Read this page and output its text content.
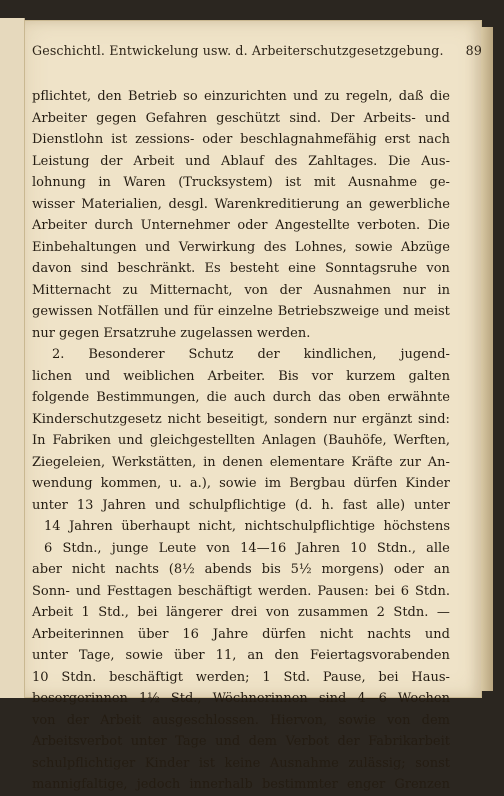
Geschichtl. Entwickelung usw. d. Arbeiterschutzgesetzgebung. 89
pflichtet, den Betrieb so einzurichten und zu regeln, daß die
Arbeiter gegen Gefahren geschützt sind. Der Arbeits- und
Dienstlohn ist zessions- oder beschlagnahmefähig erst nach
Leistung der Arbeit und Ablauf des Zahltages. Die Aus-
lohnung in Waren (Trucksystem) ist mit Ausnahme ge-
wisser Materialien, desgl. Warenkreditierung an gewerbliche
Arbeiter durch Unternehmer oder Angestellte verboten. Die
Einbehaltungen und Verwirkung des Lohnes, sowie Abzüge
davon sind beschränkt. Es besteht eine Sonntagsruhe von
Mitternacht zu Mitternacht, von der Ausnahmen nur in
gewissen Notfällen und für einzelne Betriebszweige und meist
nur gegen Ersatzruhe zugelassen werden.
2. Besonderer Schutz der kindlichen, jugend-
lichen und weiblichen Arbeiter. Bis vor kurzem galten
folgende Bestimmungen, die auch durch das oben erwähnte
Kinderschutzgesetz nicht beseitigt, sondern nur ergänzt sind:
In Fabriken und gleichgestellten Anlagen (Bauhöfe, Werften,
Ziegeleien, Werkstätten, in denen elementare Kräfte zur An-
wendung kommen, u. a.), sowie im Bergbau dürfen Kinder
unter 13 Jahren und schulpflichtige (d. h. fast alle) unter
14 Jahren überhaupt nicht, nichtschulpflichtige höchstens
6 Stdn., junge Leute von 14—16 Jahren 10 Stdn., alle
aber nicht nachts (8½ abends bis 5½ morgens) oder an
Sonn- und Festtagen beschäftigt werden. Pausen: bei 6 Stdn.
Arbeit 1 Std., bei längerer drei von zusammen 2 Stdn. —
Arbeiterinnen über 16 Jahre dürfen nicht nachts und
unter Tage, sowie über 11, an den Feiertagsvorabenden
10 Stdn. beschäftigt werden; 1 Std. Pause, bei Haus-
besorgerinnen 1½ Std., Wöchnerinnen sind 4—6 Wochen
von der Arbeit ausgeschlossen. Hiervon, sowie von dem
Arbeitsverbot unter Tage und dem Verbot der Fabrikarbeit
schulpflichtiger Kinder ist keine Ausnahme zulässig; sonst
mannigfaltige, jedoch innerhalb bestimmter enger Grenzen
